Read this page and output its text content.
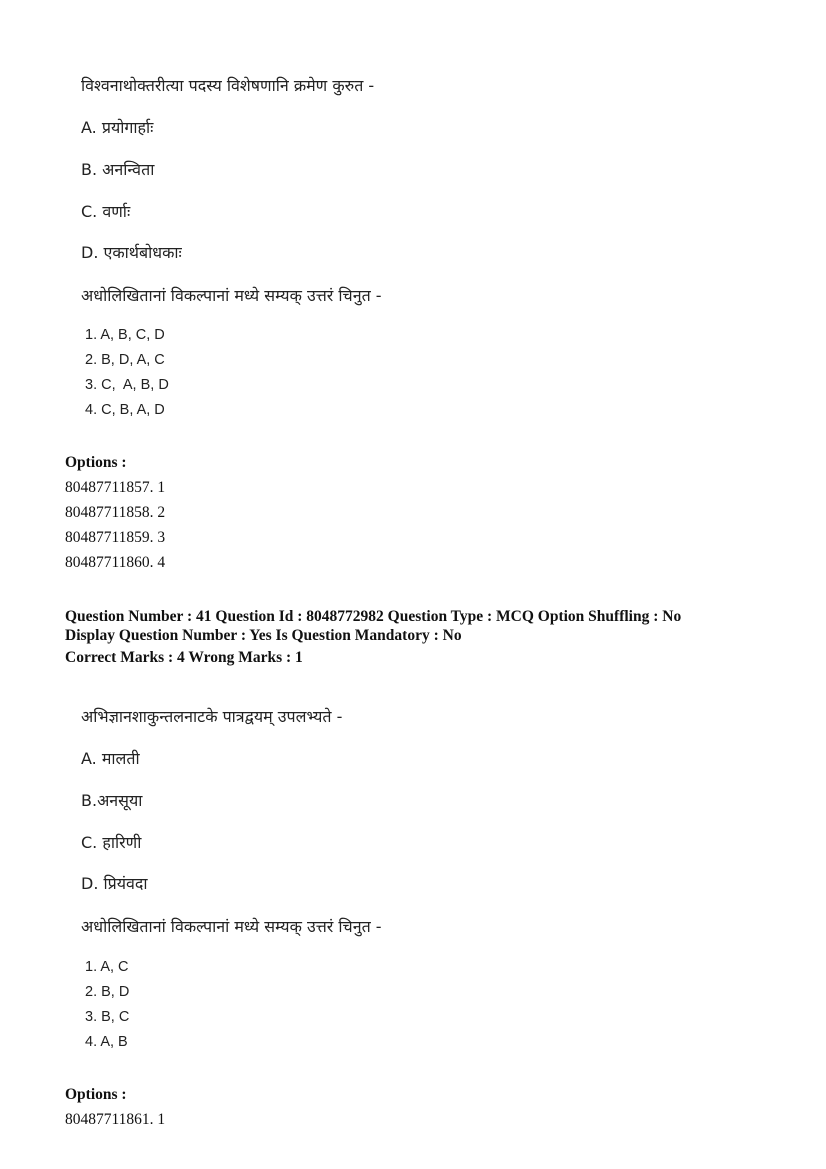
विश्वनाथोक्तरीत्या पदस्य विशेषणानि क्रमेण कुरुत -
A. प्रयोगार्हाः
B. अनन्विता
C. वर्णाः
D. एकार्थबोधकाः
अधोलिखितानां विकल्पानां मध्ये सम्यक् उत्तरं चिनुत -
1. A, B, C, D
2. B, D, A, C
3. C,  A, B, D
4. C, B, A, D
Options :
80487711857. 1
80487711858. 2
80487711859. 3
80487711860. 4
Question Number : 41 Question Id : 8048772982 Question Type : MCQ Option Shuffling : No
Display Question Number : Yes Is Question Mandatory : No
Correct Marks : 4 Wrong Marks : 1
अभिज्ञानशाकुन्तलनाटके पात्रद्वयम् उपलभ्यते -
A. मालती
B.अनसूया
C. हारिणी
D. प्रियंवदा
अधोलिखितानां विकल्पानां मध्ये सम्यक् उत्तरं चिनुत -
1. A, C
2. B, D
3. B, C
4. A, B
Options :
80487711861. 1
